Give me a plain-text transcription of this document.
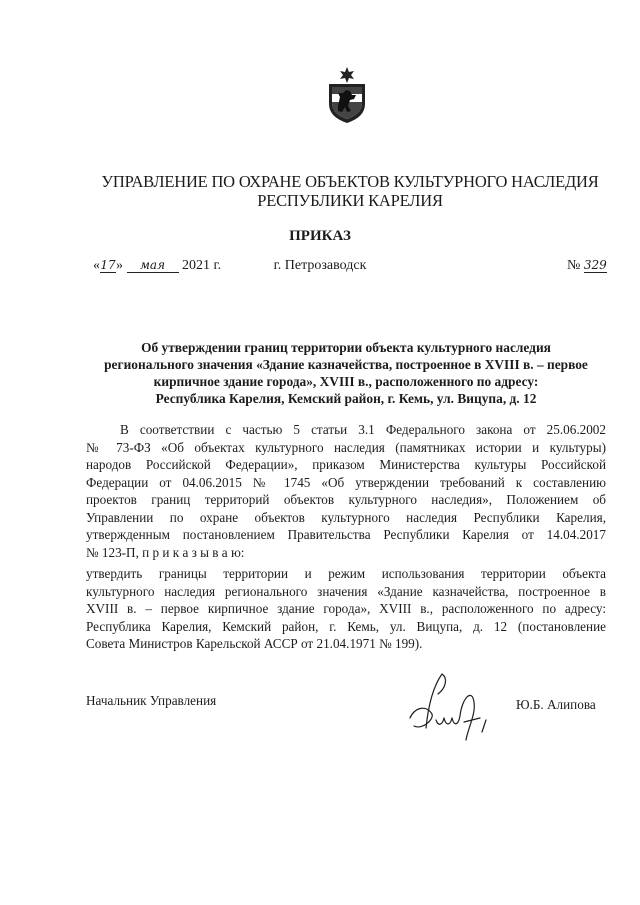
УПРАВЛЕНИЕ ПО ОХРАНЕ ОБЪЕКТОВ КУЛЬТУРНОГО НАСЛЕДИЯ
РЕСПУБЛИКИ КАРЕЛИЯ
ПРИКАЗ
«17» мая 2021 г.	г. Петрозаводск	№ 329
Об утверждении границ территории объекта культурного наследия
регионального значения «Здание казначейства, построенное в XVIII в. – первое
кирпичное здание города», XVIII в., расположенного по адресу:
Республика Карелия, Кемский район, г. Кемь, ул. Вицупа, д. 12
В соответствии с частью 5 статьи 3.1 Федерального закона от 25.06.2002
№ 73-ФЗ «Об объектах культурного наследия (памятниках истории и культуры)
народов Российской Федерации», приказом Министерства культуры Российской
Федерации от 04.06.2015 № 1745 «Об утверждении требований к составлению
проектов границ территорий объектов культурного наследия», Положением об
Управлении по охране объектов культурного наследия Республики Карелия,
утвержденным постановлением Правительства Республики Карелия от 14.04.2017
№ 123-П, п р и к а з ы в а ю:
утвердить границы территории и режим использования территории объекта
культурного наследия регионального значения «Здание казначейства, построенное в
XVIII в. – первое кирпичное здание города», XVIII в., расположенного по адресу:
Республика Карелия, Кемский район, г. Кемь, ул. Вицупа, д. 12 (постановление
Совета Министров Карельской АССР от 21.04.1971 № 199).
Начальник Управления	Ю.Б. Алипова
